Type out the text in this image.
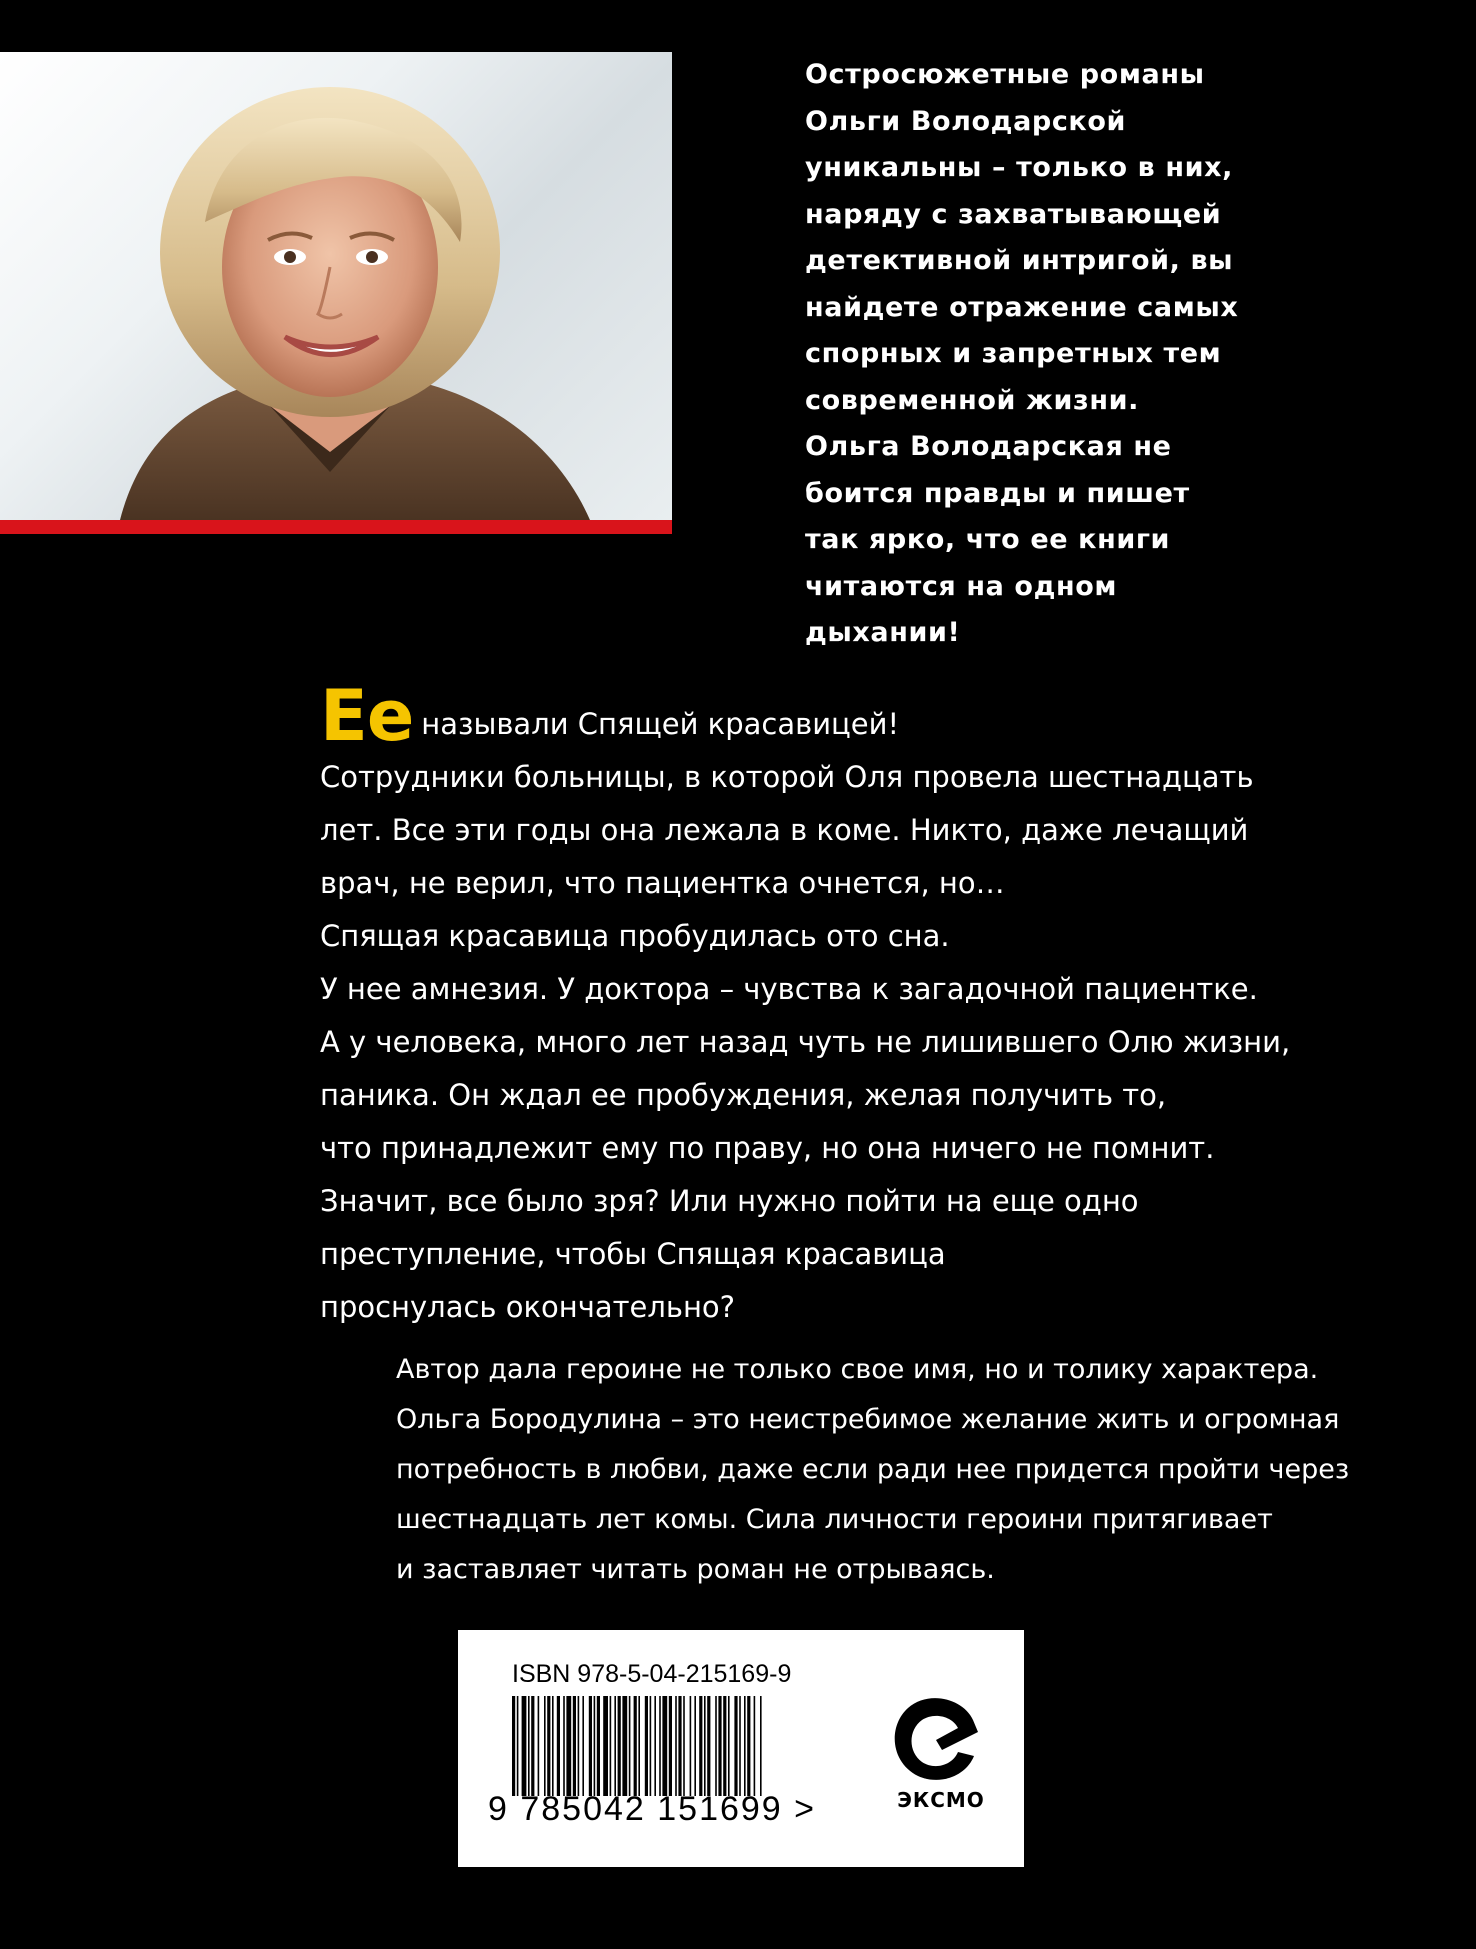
Остросюжетные романы
Ольги Володарской
уникальны – только в них,
наряду с захватывающей
детективной интригой, вы
найдете отражение самых
спорных и запретных тем
современной жизни.
Ольга Володарская не
боится правды и пишет
так ярко, что ее книги
читаются на одном
дыхании!
Ее называли Спящей красавицей!
Сотрудники больницы, в которой Оля провела шестнадцать
лет. Все эти годы она лежала в коме. Никто, даже лечащий
врач, не верил, что пациентка очнется, но…
Спящая красавица пробудилась ото сна.
У нее амнезия. У доктора – чувства к загадочной пациентке.
А у человека, много лет назад чуть не лишившего Олю жизни,
паника. Он ждал ее пробуждения, желая получить то,
что принадлежит ему по праву, но она ничего не помнит.
Значит, все было зря? Или нужно пойти на еще одно
преступление, чтобы Спящая красавица
проснулась окончательно?
Автор дала героине не только свое имя, но и толику характера.
Ольга Бородулина – это неистребимое желание жить и огромная
потребность в любви, даже если ради нее придется пройти через
шестнадцать лет комы. Сила личности героини притягивает
и заставляет читать роман не отрываясь.
ISBN 978-5-04-215169-9
9 785042 151699 >	ЭКСМО
